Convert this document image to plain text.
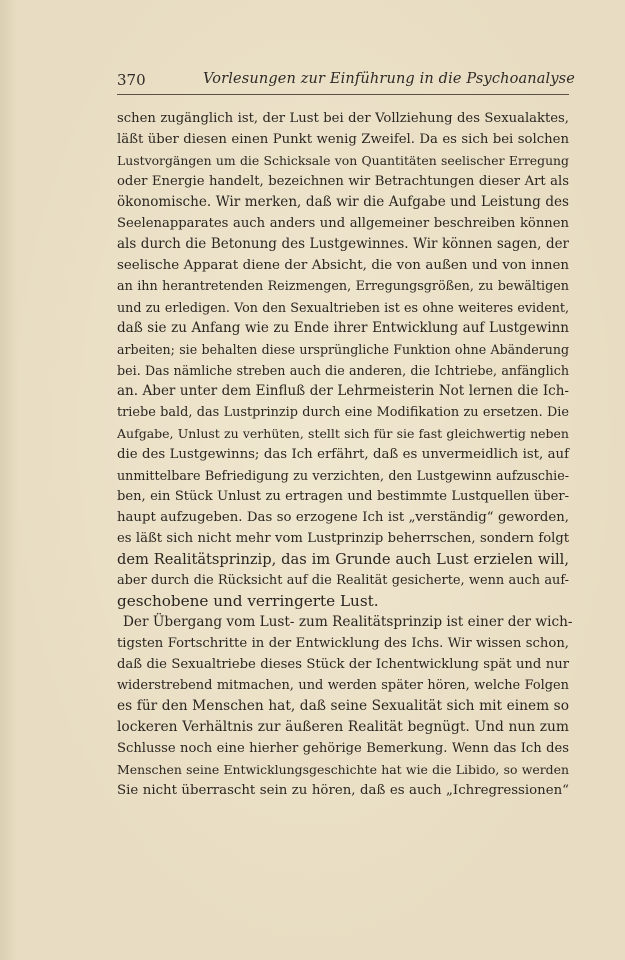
370	Vorlesungen zur Einführung in die Psychoanalyse
schen zugänglich ist, der Lust bei der Vollziehung des Sexualaktes,
läßt über diesen einen Punkt wenig Zweifel. Da es sich bei solchen
Lustvorgängen um die Schicksale von Quantitäten seelischer Erregung
oder Energie handelt, bezeichnen wir Betrachtungen dieser Art als
ökonomische. Wir merken, daß wir die Aufgabe und Leistung des
Seelenapparates auch anders und allgemeiner beschreiben können
als durch die Betonung des Lustgewinnes. Wir können sagen, der
seelische Apparat diene der Absicht, die von außen und von innen
an ihn herantretenden Reizmengen, Erregungsgrößen, zu bewältigen
und zu erledigen. Von den Sexualtrieben ist es ohne weiteres evident,
daß sie zu Anfang wie zu Ende ihrer Entwicklung auf Lustgewinn
arbeiten; sie behalten diese ursprüngliche Funktion ohne Abänderung
bei. Das nämliche streben auch die anderen, die Ichtriebe, anfänglich
an. Aber unter dem Einfluß der Lehrmeisterin Not lernen die Ich-
triebe bald, das Lustprinzip durch eine Modifikation zu ersetzen. Die
Aufgabe, Unlust zu verhüten, stellt sich für sie fast gleichwertig neben
die des Lustgewinns; das Ich erfährt, daß es unvermeidlich ist, auf
unmittelbare Befriedigung zu verzichten, den Lustgewinn aufzuschie-
ben, ein Stück Unlust zu ertragen und bestimmte Lustquellen über-
haupt aufzugeben. Das so erzogene Ich ist „verständig“ geworden,
es läßt sich nicht mehr vom Lustprinzip beherrschen, sondern folgt
dem Realitätsprinzip, das im Grunde auch Lust erzielen will,
aber durch die Rücksicht auf die Realität gesicherte, wenn auch auf-
geschobene und verringerte Lust.
Der Übergang vom Lust- zum Realitätsprinzip ist einer der wich-
tigsten Fortschritte in der Entwicklung des Ichs. Wir wissen schon,
daß die Sexualtriebe dieses Stück der Ichentwicklung spät und nur
widerstrebend mitmachen, und werden später hören, welche Folgen
es für den Menschen hat, daß seine Sexualität sich mit einem so
lockeren Verhältnis zur äußeren Realität begnügt. Und nun zum
Schlusse noch eine hierher gehörige Bemerkung. Wenn das Ich des
Menschen seine Entwicklungsgeschichte hat wie die Libido, so werden
Sie nicht überrascht sein zu hören, daß es auch „Ichregressionen“
